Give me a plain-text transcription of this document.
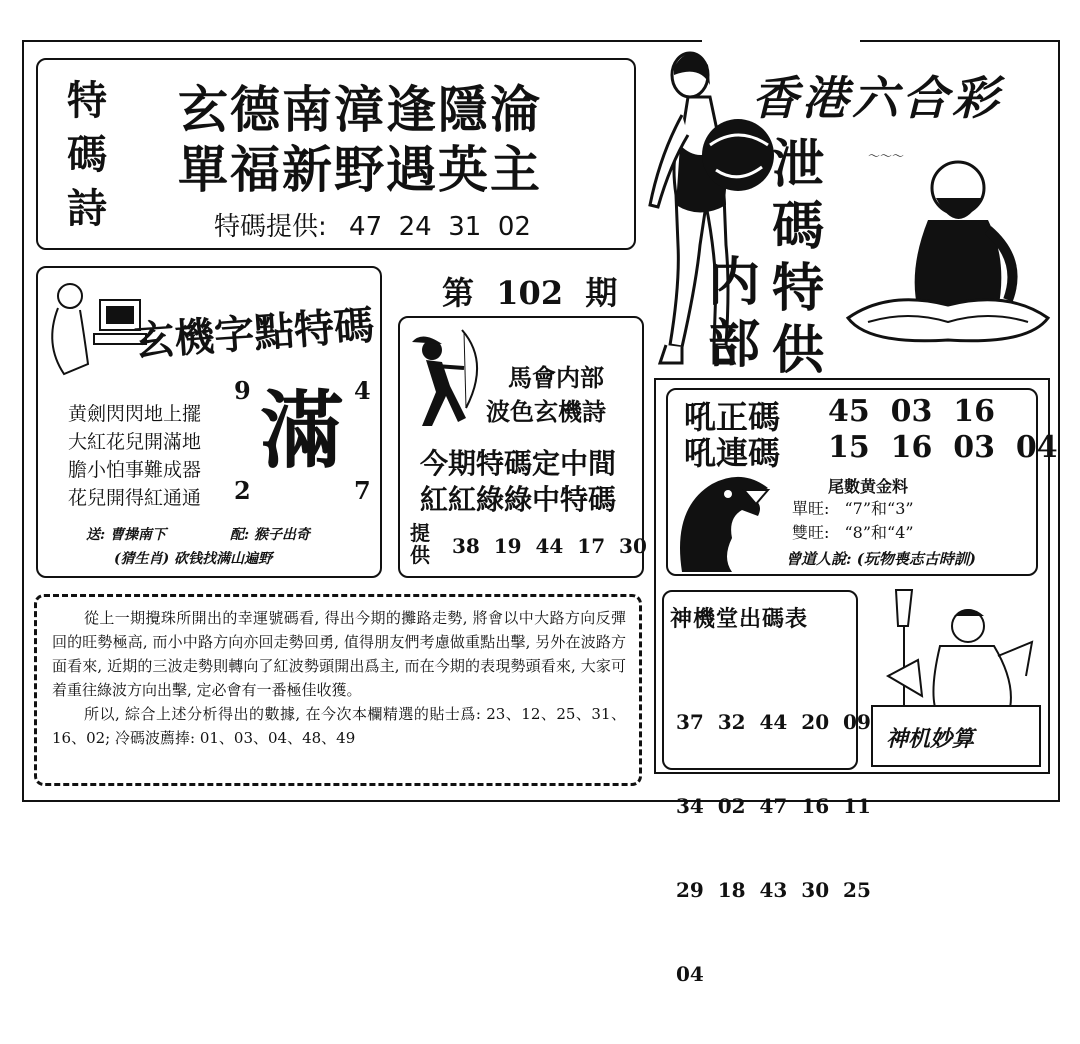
特
碼
詩
玄德南漳逢隱淪
單福新野遇英主
特碼提供: 47  24  31  02
第  102  期
香港六合彩
泄
碼
特
供
内
部
～～～
玄機字點特碼
9	4
2	7
滿
黄劍閃閃地上擺
大紅花兒開滿地
膽小怕事難成器
花兒開得紅通通
送: 曹操南下	配: 猴子出奇
(猜生肖) 砍钱找满山遍野
馬會内部
波色玄機詩
今期特碼定中間
紅紅綠綠中特碼
提
供 38  19  44  17  30
吼正碼 45  03  16
吼連碼 15  16  03  04
尾數黄金料
單旺: “7”和“3”
雙旺: “8”和“4”
曾道人說: (玩物喪志古時訓)
神機堂出碼表

37  32  44  20  09

34  02  47  16  11

29  18  43  30  25

04

神机妙算
從上一期攪珠所開出的幸運號碼看, 得出今期的攤路走勢, 將會以中大路方向反彈回的旺勢極高, 而小中路方向亦回走勢回勇, 值得朋友們考慮做重點出擊, 另外在波路方面看來, 近期的三波走勢則轉向了紅波勢頭開出爲主, 而在今期的表現勢頭看來, 大家可着重往綠波方向出擊, 定必會有一番極佳收獲。
所以, 綜合上述分析得出的數據, 在今次本欄精選的貼士爲: 23、12、25、31、16、02; 冷碼波薦捧: 01、03、04、48、49
